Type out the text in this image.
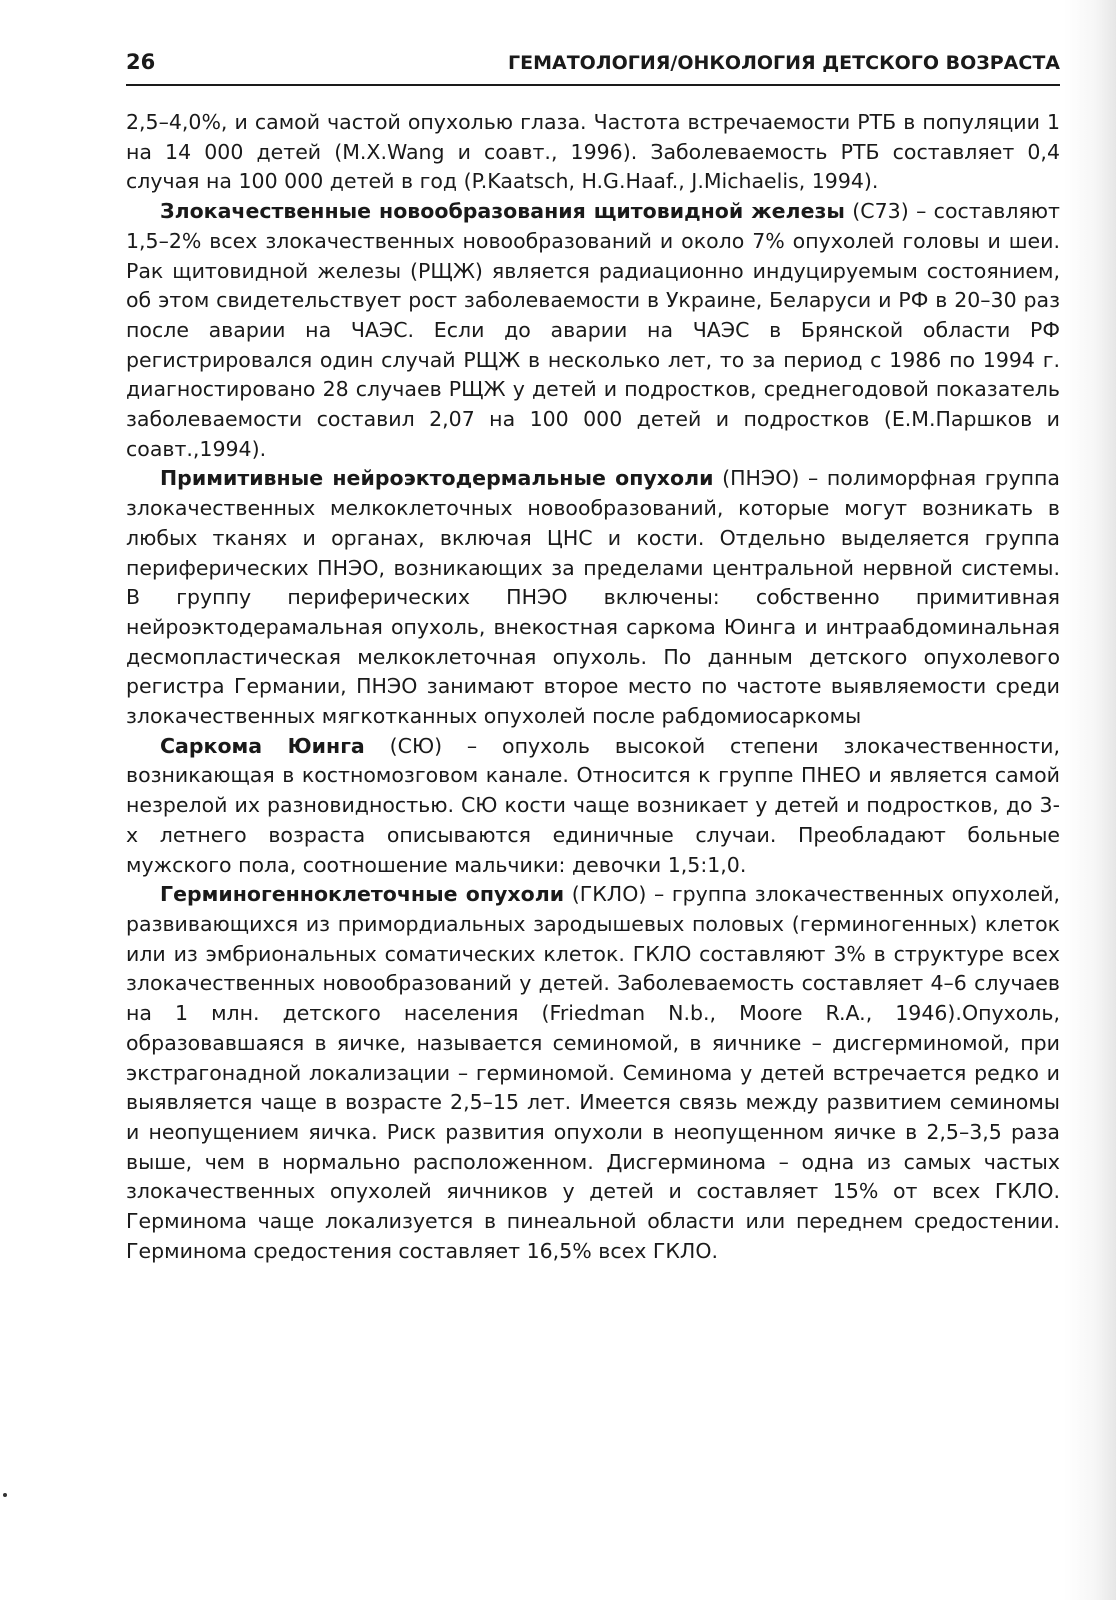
26	ГЕМАТОЛОГИЯ/ОНКОЛОГИЯ ДЕТСКОГО ВОЗРАСТА

2,5–4,0%, и самой частой опухолью глаза. Частота встречаемости РТБ в популяции 1 на 14 000 детей (M.X.Wang и соавт., 1996). Заболеваемость РТБ составляет 0,4 случая на 100 000 детей в год (P.Kaatsch, H.G.Haaf., J.Michaelis, 1994).

Злокачественные новообразования щитовидной железы (С73) – составляют 1,5–2% всех злокачественных новообразований и около 7% опухолей головы и шеи. Рак щитовидной железы (РЩЖ) является радиационно индуцируемым состоянием, об этом свидетельствует рост заболеваемости в Украине, Беларуси и РФ в 20–30 раз после аварии на ЧАЭС. Если до аварии на ЧАЭС в Брянской области РФ регистрировался один случай РЩЖ в несколько лет, то за период с 1986 по 1994 г. диагностировано 28 случаев РЩЖ у детей и подростков, среднегодовой показатель заболеваемости составил 2,07 на 100 000 детей и подростков (Е.М.Паршков и соавт.,1994).

Примитивные нейроэктодермальные опухоли (ПНЭО) – полиморфная группа злокачественных мелкоклеточных новообразований, которые могут возникать в любых тканях и органах, включая ЦНС и кости. Отдельно выделяется группа периферических ПНЭО, возникающих за пределами центральной нервной системы. В группу периферических ПНЭО включены: собственно примитивная нейроэктодерамальная опухоль, внекостная саркома Юинга и интраабдоминальная десмопластическая мелкоклеточная опухоль. По данным детского опухолевого регистра Германии, ПНЭО занимают второе место по частоте выявляемости среди злокачественных мягкотканных опухолей после рабдомиосаркомы

Саркома Юинга (СЮ) – опухоль высокой степени злокачественности, возникающая в костномозговом канале. Относится к группе ПНЕО и является самой незрелой их разновидностью. СЮ кости чаще возникает у детей и подростков, до 3-х летнего возраста описываются единичные случаи. Преобладают больные мужского пола, соотношение мальчики: девочки 1,5:1,0.

Герминогенноклеточные опухоли (ГКЛО) – группа злокачественных опухолей, развивающихся из примордиальных зародышевых половых (герминогенных) клеток или из эмбриональных соматических клеток. ГКЛО составляют 3% в структуре всех злокачественных новообразований у детей. Заболеваемость составляет 4–6 случаев на 1 млн. детского населения (Friedman N.b., Moore R.A., 1946).Опухоль, образовавшаяся в яичке, называется семиномой, в яичнике – дисгерминомой, при экстрагонадной локализации – герминомой. Семинома у детей встречается редко и выявляется чаще в возрасте 2,5–15 лет. Имеется связь между развитием семиномы и неопущением яичка. Риск развития опухоли в неопущенном яичке в 2,5–3,5 раза выше, чем в нормально расположенном. Дисгерминома – одна из самых частых злокачественных опухолей яичников у детей и составляет 15% от всех ГКЛО. Герминома чаще локализуется в пинеальной области или переднем средостении. Герминома средостения составляет 16,5% всех ГКЛО.
